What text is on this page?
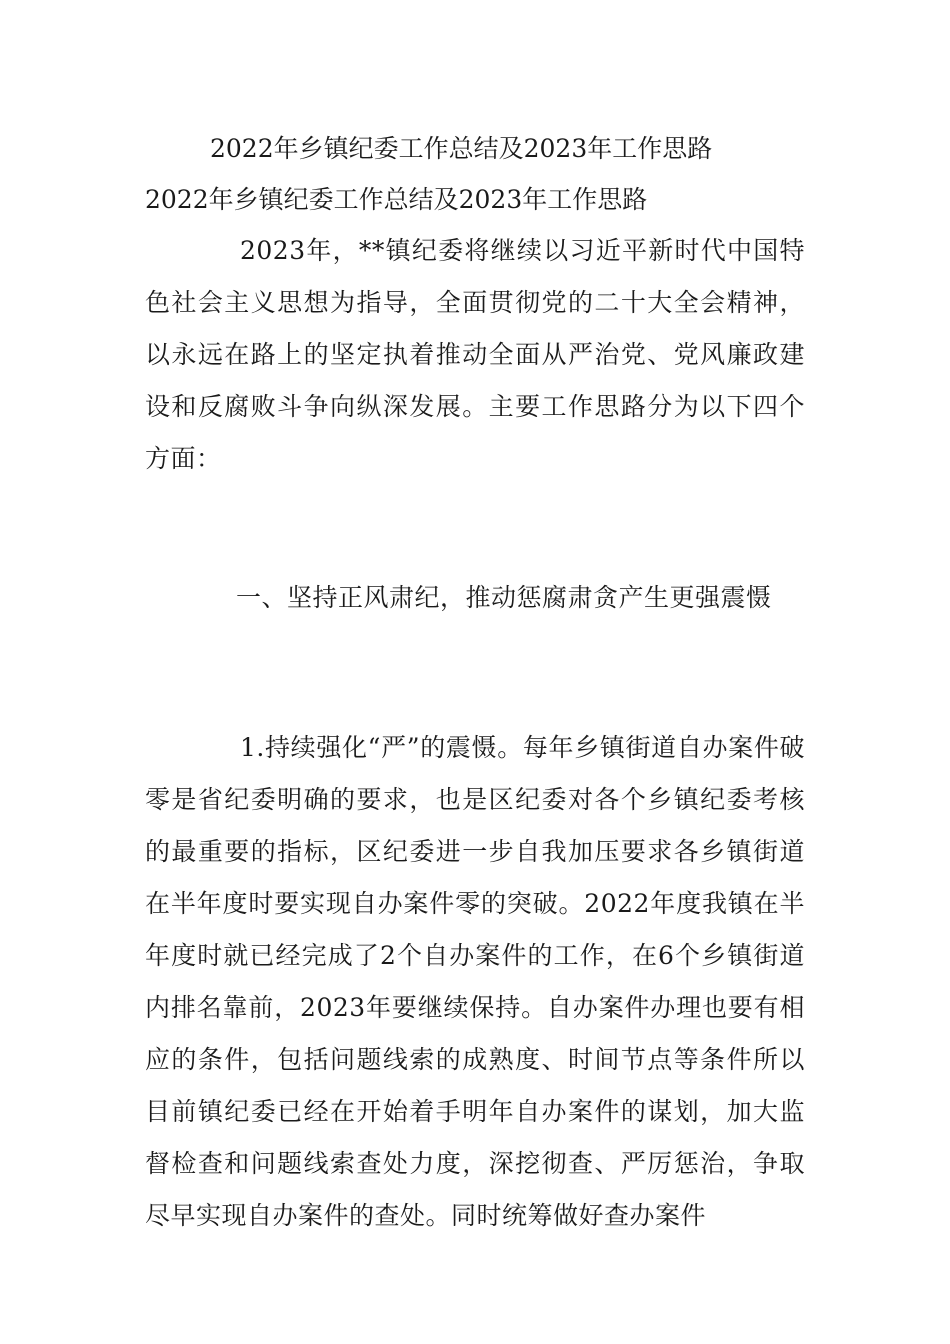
2022年乡镇纪委工作总结及2023年工作思路
2022年乡镇纪委工作总结及2023年工作思路
2023年，**镇纪委将继续以习近平新时代中国特色社会主义思想为指导，全面贯彻党的二十大全会精神，以永远在路上的坚定执着推动全面从严治党、党风廉政建设和反腐败斗争向纵深发展。主要工作思路分为以下四个方面：
一、坚持正风肃纪，推动惩腐肃贪产生更强震慑
1.持续强化“严”的震慑。每年乡镇街道自办案件破零是省纪委明确的要求，也是区纪委对各个乡镇纪委考核的最重要的指标，区纪委进一步自我加压要求各乡镇街道在半年度时要实现自办案件零的突破。2022年度我镇在半年度时就已经完成了2个自办案件的工作，在6个乡镇街道内排名靠前，2023年要继续保持。自办案件办理也要有相应的条件，包括问题线索的成熟度、时间节点等条件所以目前镇纪委已经在开始着手明年自办案件的谋划，加大监督检查和问题线索查处力度，深挖彻查、严厉惩治，争取尽早实现自办案件的查处。同时统筹做好查办案件
